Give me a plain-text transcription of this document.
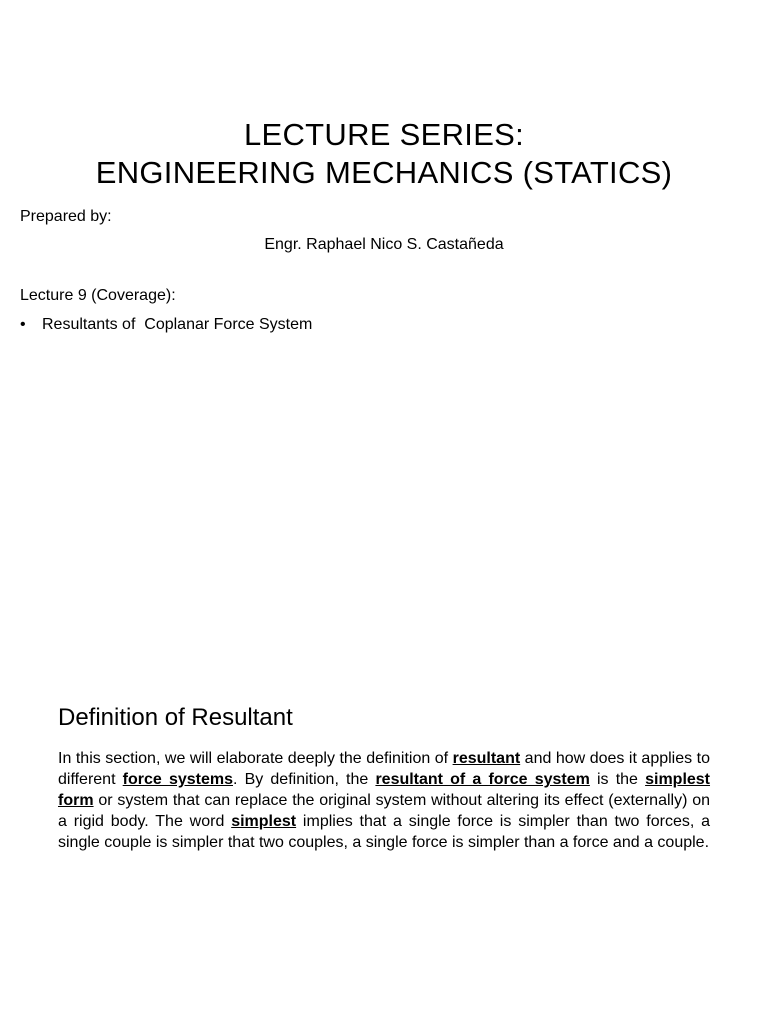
LECTURE SERIES:
ENGINEERING MECHANICS (STATICS)
Prepared by:
Engr. Raphael Nico S. Castañeda
Lecture 9 (Coverage):
•	Resultants of  Coplanar Force System
Definition of Resultant

In this section, we will elaborate deeply the definition of resultant and how does it applies to different force systems. By definition, the resultant of a force system is the simplest form or system that can replace the original system without altering its effect (externally) on a rigid body. The word simplest implies that a single force is simpler than two forces, a single couple is simpler that two couples, a single force is simpler than a force and a couple.
